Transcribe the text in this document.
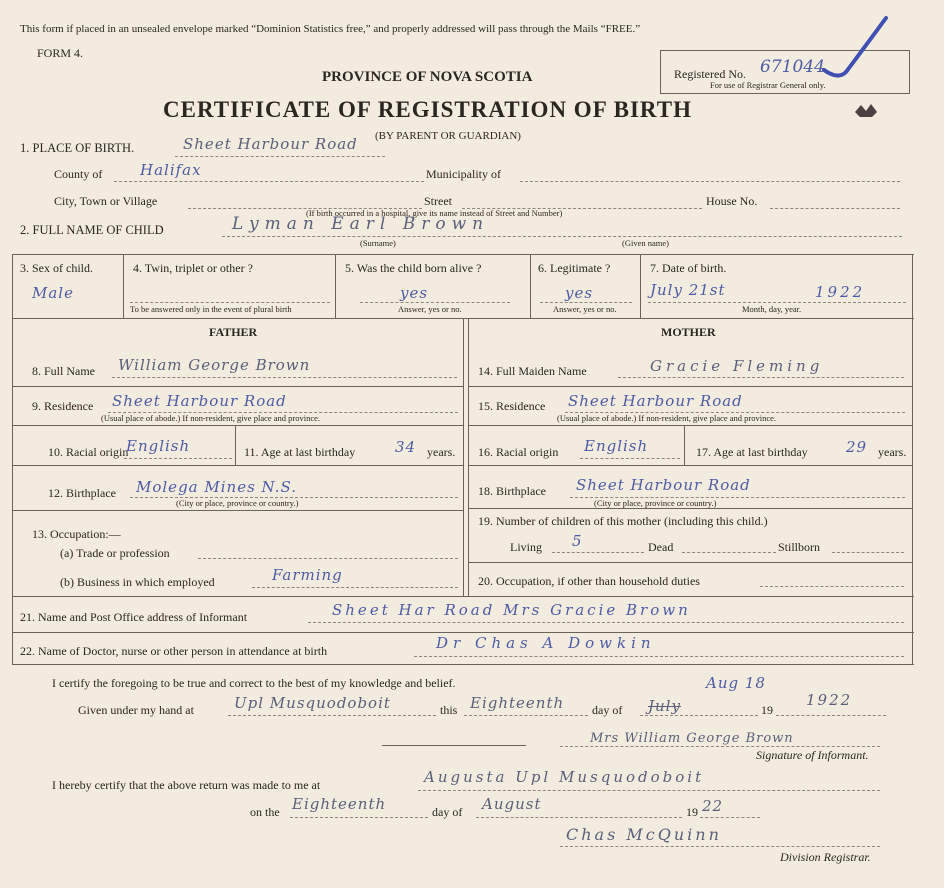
This form if placed in an unsealed envelope marked “Dominion Statistics free,” and properly addressed will pass through the Mails “FREE.”
FORM 4.
PROVINCE OF NOVA SCOTIA
CERTIFICATE OF REGISTRATION OF BIRTH
(BY PARENT OR GUARDIAN)
Registered No. 671044
For use of Registrar General only.
1. PLACE OF BIRTH.	Sheet Harbour Road
County of	Halifax	Municipality of
City, Town or Village	Street	House No.
(If birth occurred in a hospital, give its name instead of Street and Number)
2. FULL NAME OF CHILD	Lyman Earl Brown
(Surname)	(Given name)
3. Sex of child.
Male
4. Twin, triplet or other ?
To be answered only in the event of plural birth
5. Was the child born alive ?
yes
Answer, yes or no.
6. Legitimate ?
yes
Answer, yes or no.
7. Date of birth.
July 21st	1922
Month, day, year.
FATHER
8. Full Name William George Brown
9. Residence Sheet Harbour Road
(Usual place of abode.) If non-resident, give place and province.
10. Racial origin
English	11. Age at last birthday	34 years.
12. Birthplace Molega Mines N.S.
(City or place, province or country.)
13. Occupation:—
(a) Trade or profession
(b) Business in which employed	Farming
MOTHER
14. Full Maiden Name	Gracie Fleming
15. Residence Sheet Harbour Road
(Usual place of abode.) If non-resident, give place and province.
16. Racial origin English	17. Age at last birthday	29 years.
18. Birthplace Sheet Harbour Road
(City or place, province or country.)
19. Number of children of this mother (including this child.)
Living 5	Dead	Stillborn
20. Occupation, if other than household duties
21. Name and Post Office address of Informant	Sheet Har Road Mrs Gracie Brown
22. Name of Doctor, nurse or other person in attendance at birth	Dr Chas A Dowkin
I certify the foregoing to be true and correct to the best of my knowledge and belief.
Given under my hand at	Upl Musquodoboit	this Eighteenth day of July
Aug 18
19
1922
Mrs William George Brown
Signature of Informant.
I hereby certify that the above return was made to me at	Augusta Upl Musquodoboit
on the Eighteenth	day of August	19 22
Chas McQuinn
Division Registrar.
